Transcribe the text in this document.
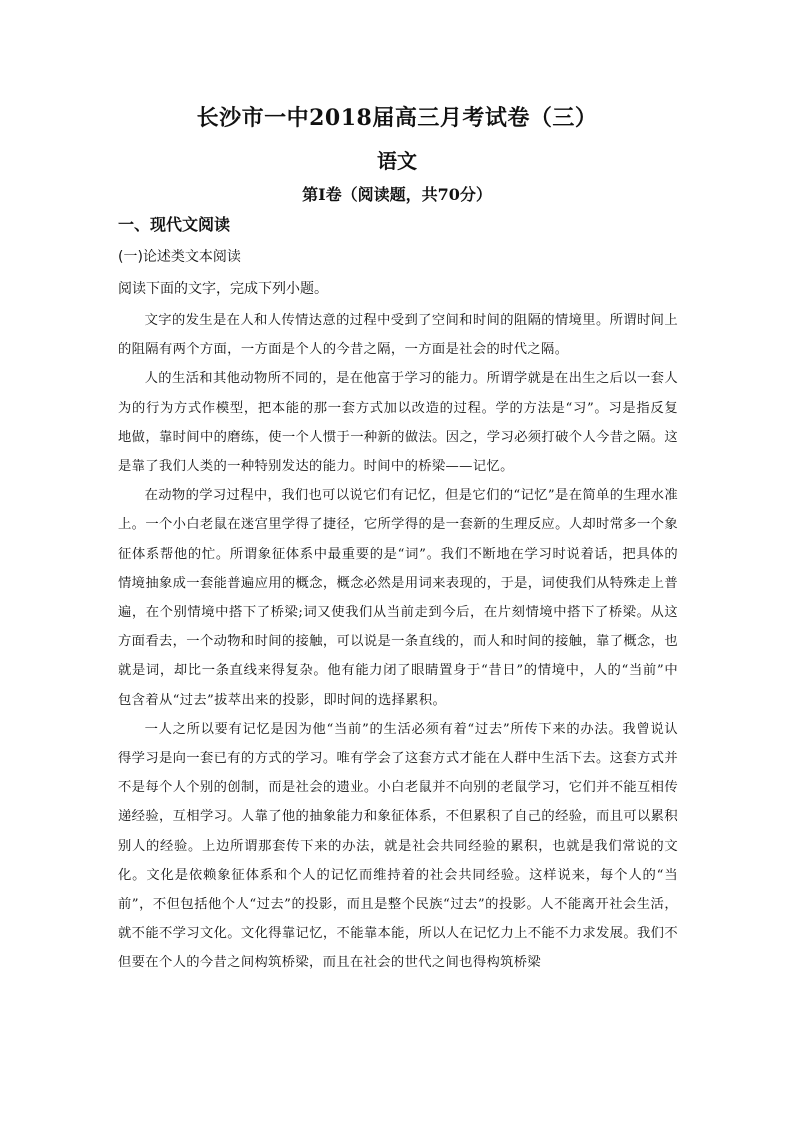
长沙市一中2018届高三月考试卷（三）
语文
第Ⅰ卷（阅读题，共70分）
一、现代文阅读
(一)论述类文本阅读
阅读下面的文字，完成下列小题。

文字的发生是在人和人传情达意的过程中受到了空间和时间的阻隔的情境里。所谓时间上的阻隔有两个方面，一方面是个人的今昔之隔，一方面是社会的时代之隔。

人的生活和其他动物所不同的，是在他富于学习的能力。所谓学就是在出生之后以一套人为的行为方式作模型，把本能的那一套方式加以改造的过程。学的方法是“习”。习是指反复地做，靠时间中的磨练，使一个人惯于一种新的做法。因之，学习必须打破个人今昔之隔。这是靠了我们人类的一种特别发达的能力。时间中的桥梁——记忆。

在动物的学习过程中，我们也可以说它们有记忆，但是它们的“记忆”是在简单的生理水准上。一个小白老鼠在迷宫里学得了捷径，它所学得的是一套新的生理反应。人却时常多一个象征体系帮他的忙。所谓象征体系中最重要的是“词”。我们不断地在学习时说着话，把具体的情境抽象成一套能普遍应用的概念，概念必然是用词来表现的，于是，词使我们从特殊走上普遍，在个别情境中搭下了桥梁;词又使我们从当前走到今后，在片刻情境中搭下了桥梁。从这方面看去，一个动物和时间的接触，可以说是一条直线的，而人和时间的接触，靠了概念，也就是词，却比一条直线来得复杂。他有能力闭了眼睛置身于“昔日”的情境中，人的“当前”中包含着从“过去”拔萃出来的投影，即时间的选择累积。

一人之所以要有记忆是因为他“当前”的生活必须有着“过去”所传下来的办法。我曾说认得学习是向一套已有的方式的学习。唯有学会了这套方式才能在人群中生活下去。这套方式并不是每个人个别的创制，而是社会的遗业。小白老鼠并不向别的老鼠学习，它们并不能互相传递经验，互相学习。人靠了他的抽象能力和象征体系，不但累积了自己的经验，而且可以累积别人的经验。上边所谓那套传下来的办法，就是社会共同经验的累积，也就是我们常说的文化。文化是依赖象征体系和个人的记忆而维持着的社会共同经验。这样说来，每个人的“当前”，不但包括他个人“过去”的投影，而且是整个民族“过去”的投影。人不能离开社会生活，就不能不学习文化。文化得靠记忆，不能靠本能，所以人在记忆力上不能不力求发展。我们不但要在个人的今昔之间构筑桥梁，而且在社会的世代之间也得构筑桥梁
